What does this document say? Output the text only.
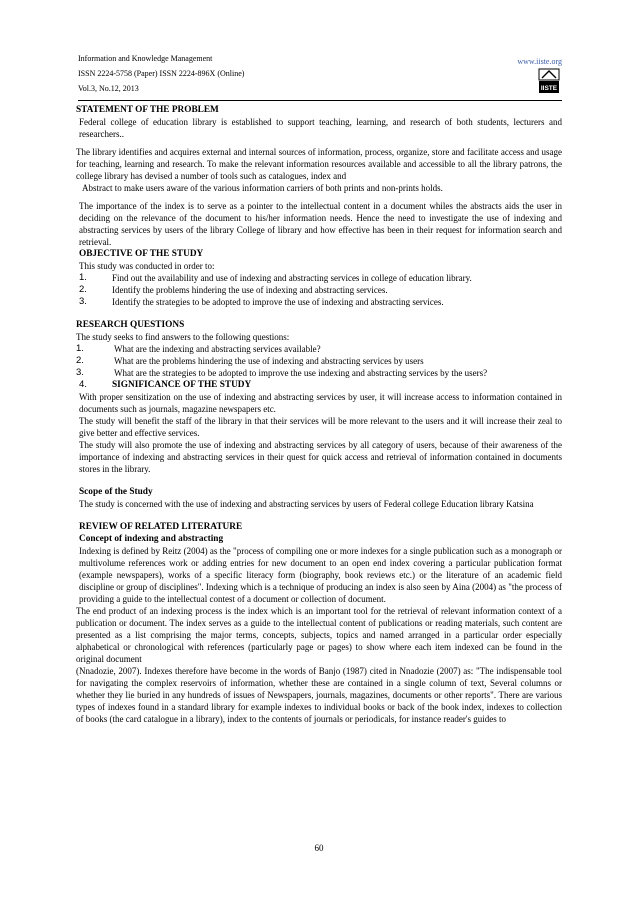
Information and Knowledge Management
ISSN 2224-5758 (Paper) ISSN 2224-896X (Online)
Vol.3, No.12, 2013
www.iiste.org
IISTE
STATEMENT OF THE PROBLEM

Federal college of education library is established to support teaching, learning, and research of both students, lecturers and researchers..

The library identifies and acquires external and internal sources of information, process, organize, store and facilitate access and usage for teaching, learning and research. To make the relevant information resources available and accessible to all the library patrons, the college library has devised a number of tools such as catalogues, index and

Abstract to make users aware of the various information carriers of both prints and non-prints holds.

The importance of the index is to serve as a pointer to the intellectual content in a document whiles the abstracts aids the user in deciding on the relevance of the document to his/her information needs. Hence the need to investigate the use of indexing and abstracting services by users of the library College of library and how effective has been in their request for information search and retrieval.

OBJECTIVE OF THE STUDY

This study was conducted in order to:

1.	Find out the availability and use of indexing and abstracting services in college of education library.
2.	Identify the problems hindering the use of indexing and abstracting services.
3.	Identify the strategies to be adopted to improve the use of indexing and abstracting services.
RESEARCH QUESTIONS

The study seeks to find answers to the following questions:

1.	What are the indexing and abstracting services available?
2.	What are the problems hindering the use of indexing and abstracting services by users
3.	What are the strategies to be adopted to improve the use indexing and abstracting services by the users?
4.	SIGNIFICANCE OF THE STUDY

With proper sensitization on the use of indexing and abstracting services by user, it will increase access to information contained in documents such as journals, magazine newspapers etc.

The study will benefit the staff of the library in that their services will be more relevant to the users and it will increase their zeal to give better and effective services.

The study will also promote the use of indexing and abstracting services by all category of users, because of their awareness of the importance of indexing and abstracting services in their quest for quick access and retrieval of information contained in documents stores in the library.

Scope of the Study

The study is concerned with the use of indexing and abstracting services by users of Federal college Education library Katsina

REVIEW OF RELATED LITERATURE
Concept of indexing and abstracting

Indexing is defined by Reitz (2004) as the "process of compiling one or more indexes for a single publication such as a monograph or multivolume references work or adding entries for new document to an open end index covering a particular publication format (example newspapers), works of a specific literacy form (biography, book reviews etc.) or the literature of an academic field discipline or group of disciplines". Indexing which is a technique of producing an index is also seen by Aina (2004) as "the process of providing a guide to the intellectual contest of a document or collection of document.

The end product of an indexing process is the index which is an important tool for the retrieval of relevant information context of a publication or document. The index serves as a guide to the intellectual content of publications or reading materials, such content are presented as a list comprising the major terms, concepts, subjects, topics and named arranged in a particular order especially alphabetical or chronological with references (particularly page or pages) to show where each item indexed can be found in the original document

(Nnadozie, 2007). Indexes therefore have become in the words of Banjo (1987) cited in Nnadozie (2007) as: "The indispensable tool for navigating the complex reservoirs of information, whether these are contained in a single column of text, Several columns or whether they lie buried in any hundreds of issues of Newspapers, journals, magazines, documents or other reports". There are various types of indexes found in a standard library for example indexes to individual books or back of the book index, indexes to collection of books (the card catalogue in a library), index to the contents of journals or periodicals, for instance reader's guides to

60
